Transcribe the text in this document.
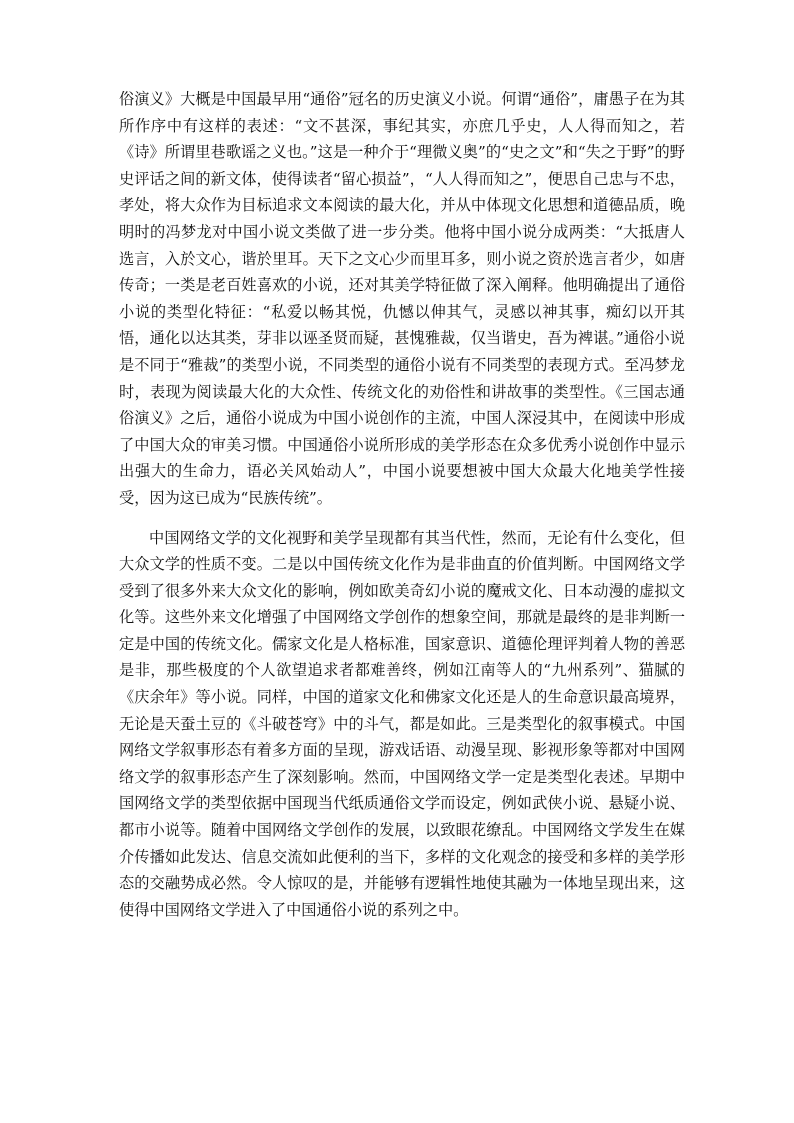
俗演义》大概是中国最早用“通俗”冠名的历史演义小说。何谓“通俗”，庸愚子在为其所作序中有这样的表述：“文不甚深，事纪其实，亦庶几乎史，人人得而知之，若《诗》所谓里巷歌谣之义也。”这是一种介于“理微义奥”的“史之文”和“失之于野”的野史评话之间的新文体，使得读者“留心损益”，“人人得而知之”，便思自己忠与不忠，孝处，将大众作为目标追求文本阅读的最大化，并从中体现文化思想和道德品质，晚明时的冯梦龙对中国小说文类做了进一步分类。他将中国小说分成两类：“大抵唐人选言，入於文心，谐於里耳。天下之文心少而里耳多，则小说之资於选言者少，如唐传奇；一类是老百姓喜欢的小说，还对其美学特征做了深入阐释。他明确提出了通俗小说的类型化特征：“私爱以畅其悦，仇憾以伸其气，灵感以神其事，痴幻以开其悟，通化以达其类，芽非以诬圣贤而疑，甚愧雅裁，仅当谐史，吾为裨谌。”通俗小说是不同于“雅裁”的类型小说，不同类型的通俗小说有不同类型的表现方式。至冯梦龙时，表现为阅读最大化的大众性、传统文化的劝俗性和讲故事的类型性。《三国志通俗演义》之后，通俗小说成为中国小说创作的主流，中国人深浸其中，在阅读中形成了中国大众的审美习惯。中国通俗小说所形成的美学形态在众多优秀小说创作中显示出强大的生命力，语必关风始动人”，中国小说要想被中国大众最大化地美学性接受，因为这已成为“民族传统”。

中国网络文学的文化视野和美学呈现都有其当代性，然而，无论有什么变化，但大众文学的性质不变。二是以中国传统文化作为是非曲直的价值判断。中国网络文学受到了很多外来大众文化的影响，例如欧美奇幻小说的魔戒文化、日本动漫的虚拟文化等。这些外来文化增强了中国网络文学创作的想象空间，那就是最终的是非判断一定是中国的传统文化。儒家文化是人格标准，国家意识、道德伦理评判着人物的善恶是非，那些极度的个人欲望追求者都难善终，例如江南等人的“九州系列”、猫腻的《庆余年》等小说。同样，中国的道家文化和佛家文化还是人的生命意识最高境界，无论是天蚕土豆的《斗破苍穹》中的斗气，都是如此。三是类型化的叙事模式。中国网络文学叙事形态有着多方面的呈现，游戏话语、动漫呈现、影视形象等都对中国网络文学的叙事形态产生了深刻影响。然而，中国网络文学一定是类型化表述。早期中国网络文学的类型依据中国现当代纸质通俗文学而设定，例如武侠小说、悬疑小说、都市小说等。随着中国网络文学创作的发展，以致眼花缭乱。中国网络文学发生在媒介传播如此发达、信息交流如此便利的当下，多样的文化观念的接受和多样的美学形态的交融势成必然。令人惊叹的是，并能够有逻辑性地使其融为一体地呈现出来，这使得中国网络文学进入了中国通俗小说的系列之中。
